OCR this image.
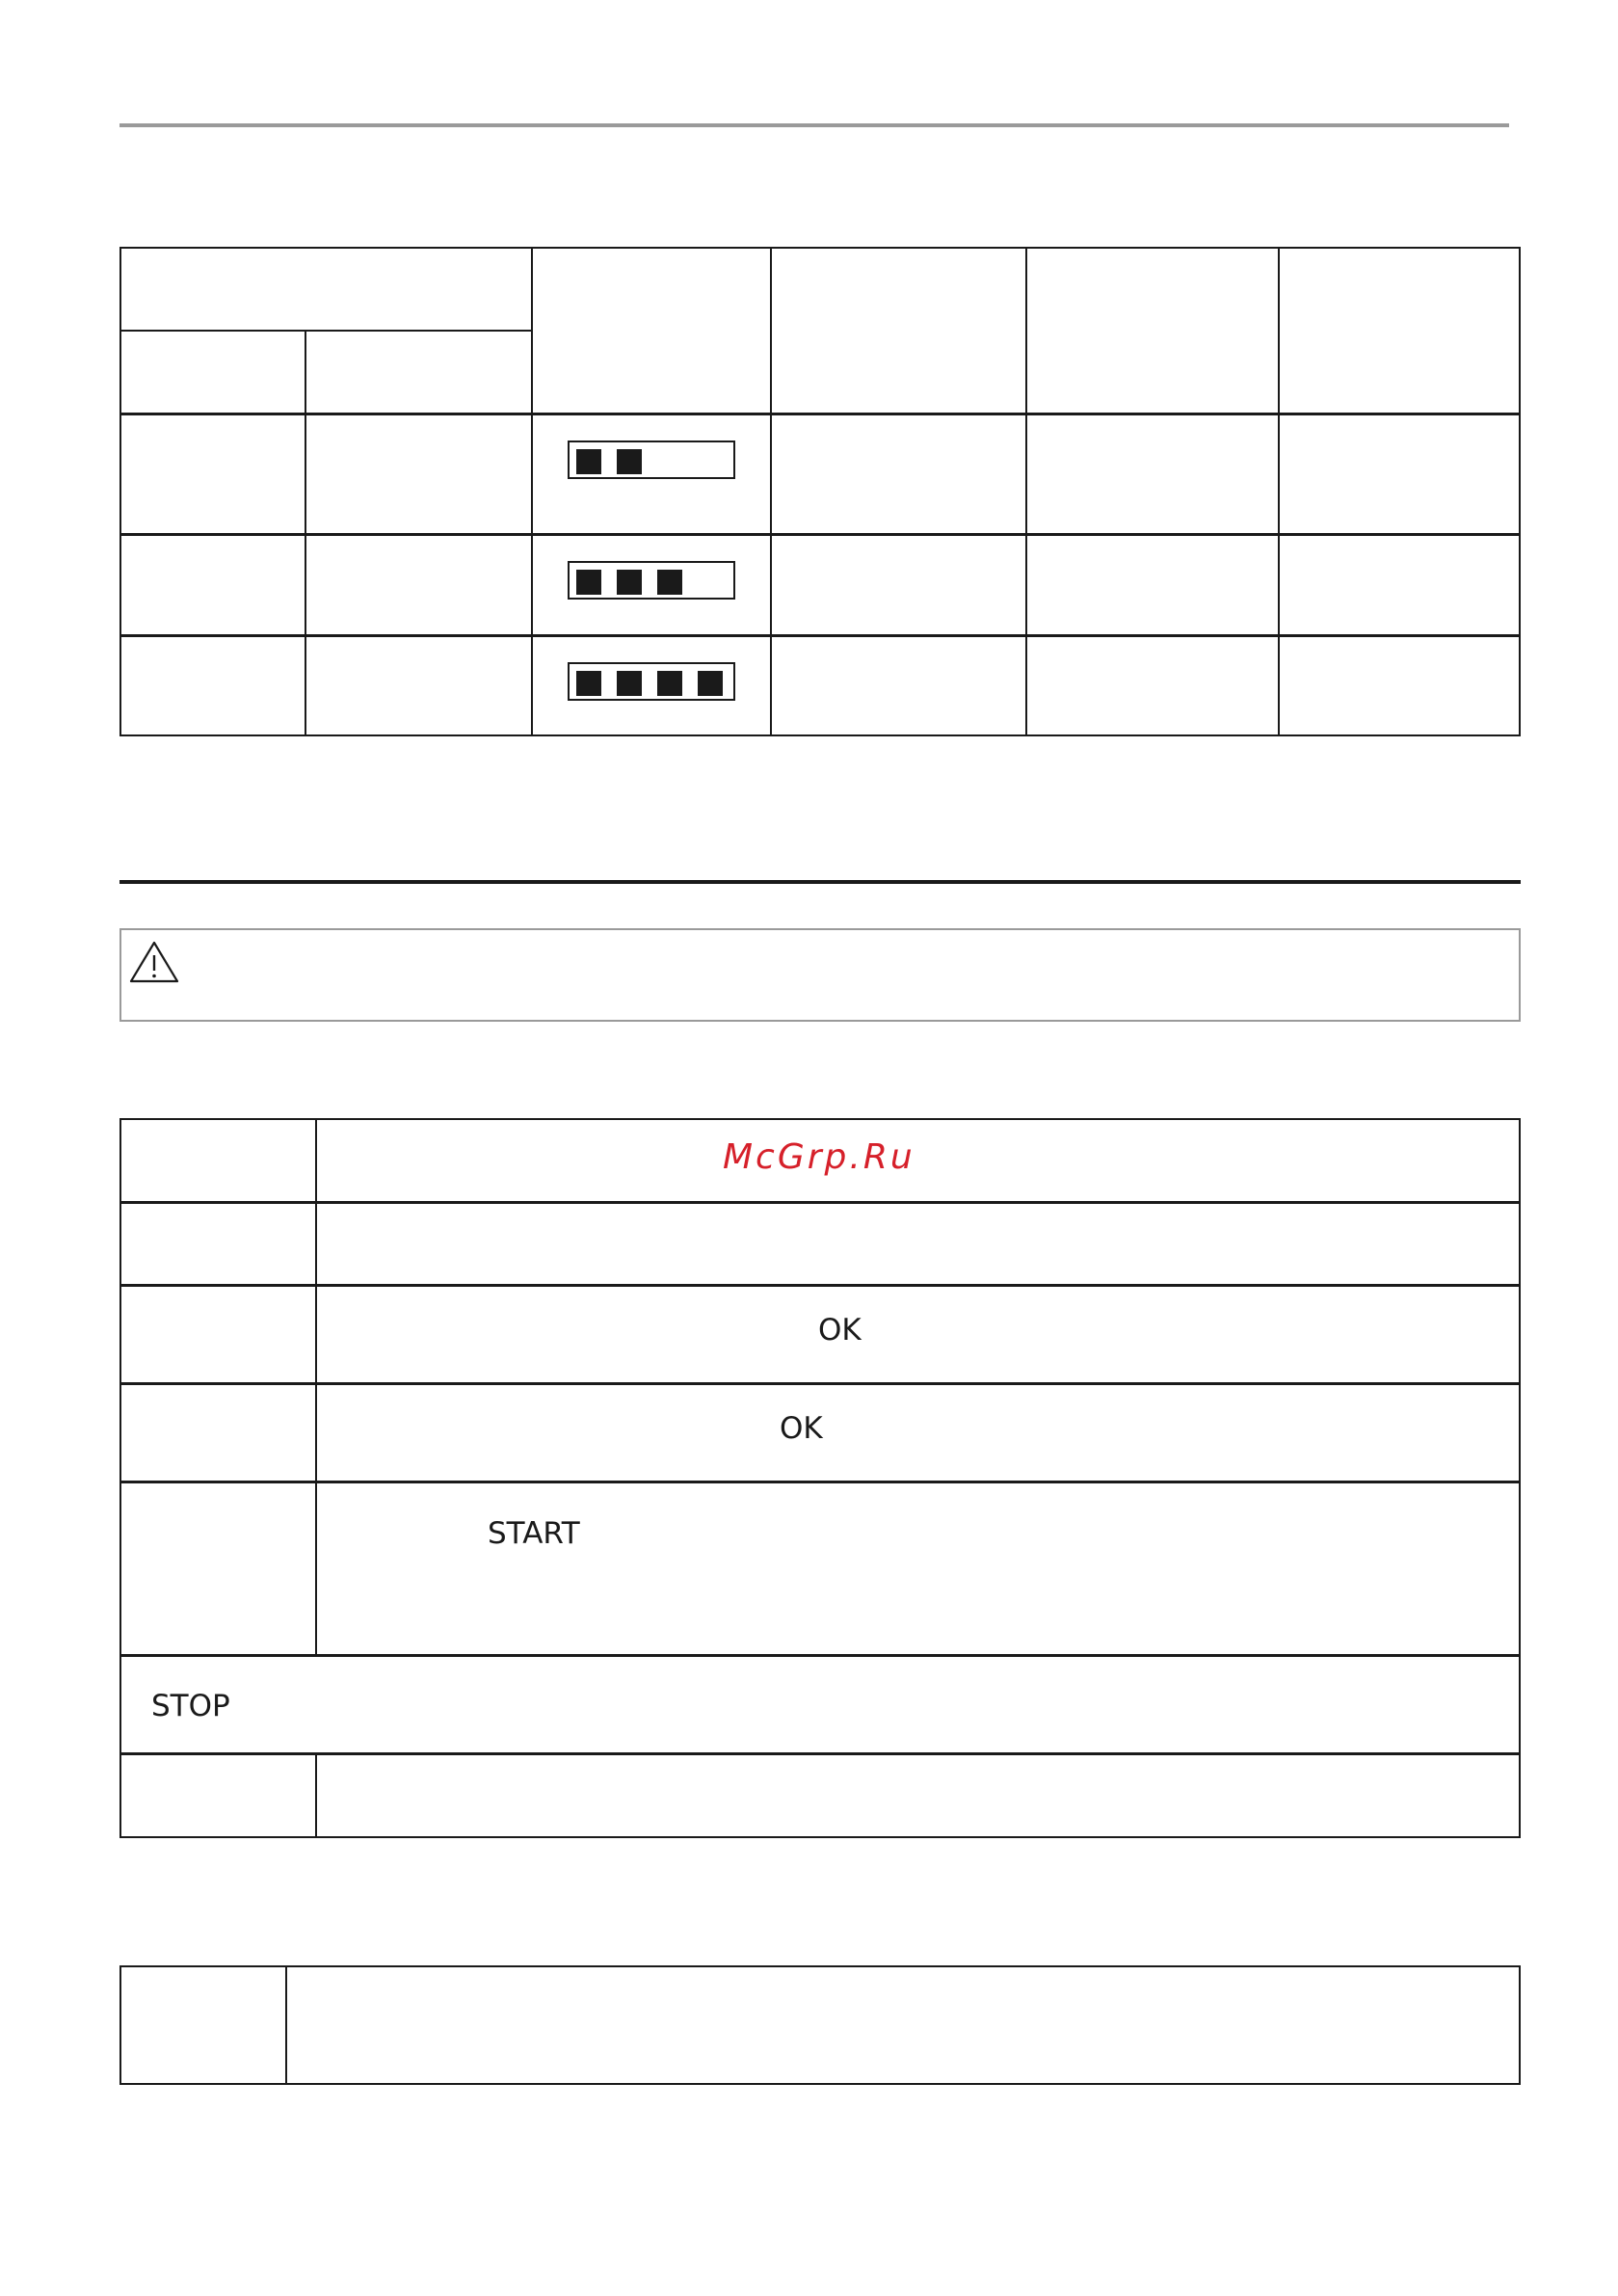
McGrp.Ru
OK
OK
START
STOP
